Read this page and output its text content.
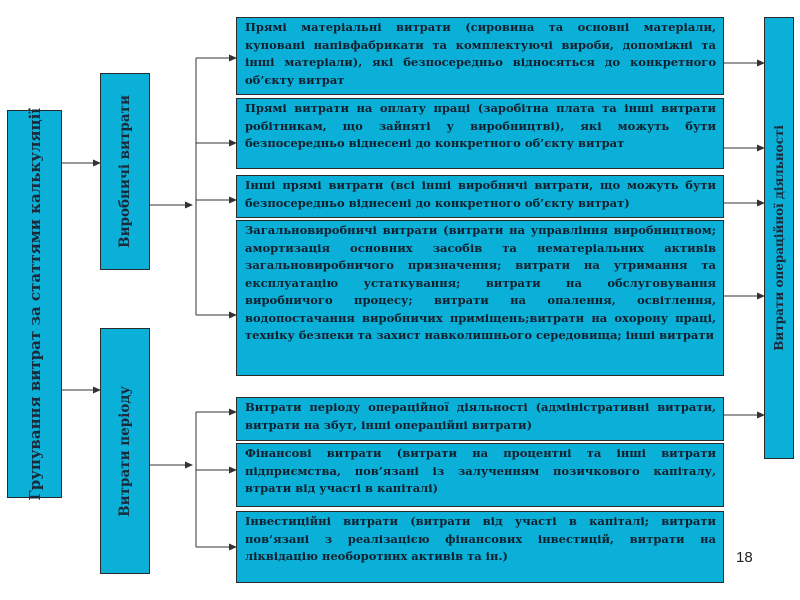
Групування витрат за статтями калькуляції	Виробничі витрати
Витрати періоду
Витрати операційної діяльності
Прямі матеріальні витрати (сировина та основні матеріали, куповані напівфабрикати та комплектуючі вироби, допоміжні та інші матеріали), які безпосередньо відносяться до конкретного об’єкту витрат
Прямі витрати на оплату праці (заробітна плата та інші витрати робітникам, що зайняті у виробництві), які можуть бути безпосередньо віднесені до конкретного об’єкту витрат
Інші прямі витрати (всі інші виробничі витрати, що можуть бути безпосередньо віднесені до конкретного об’єкту витрат)
Загальновиробничі витрати (витрати на управління виробництвом; амортизація основних засобів та нематеріальних активів загальновиробничого призначення; витрати на утримання та експлуатацію устаткування; витрати на обслуговування виробничого процесу; витрати на опалення, освітлення, водопостачання виробничих приміщень;витрати на охорону праці, техніку безпеки та захист навколишнього середовища; інші витрати
Витрати періоду операційної діяльності (адміністративні витрати, витрати на збут, інші операційні витрати)
Фінансові витрати (витрати на процентні та інші витрати підприємства, пов’язані із залученням позичкового капіталу, втрати від участі в капіталі)
Інвестиційні витрати (витрати від участі в капіталі; витрати пов’язані з реалізацією фінансових інвестицій, витрати на ліквідацію необоротних активів та ін.)	18
